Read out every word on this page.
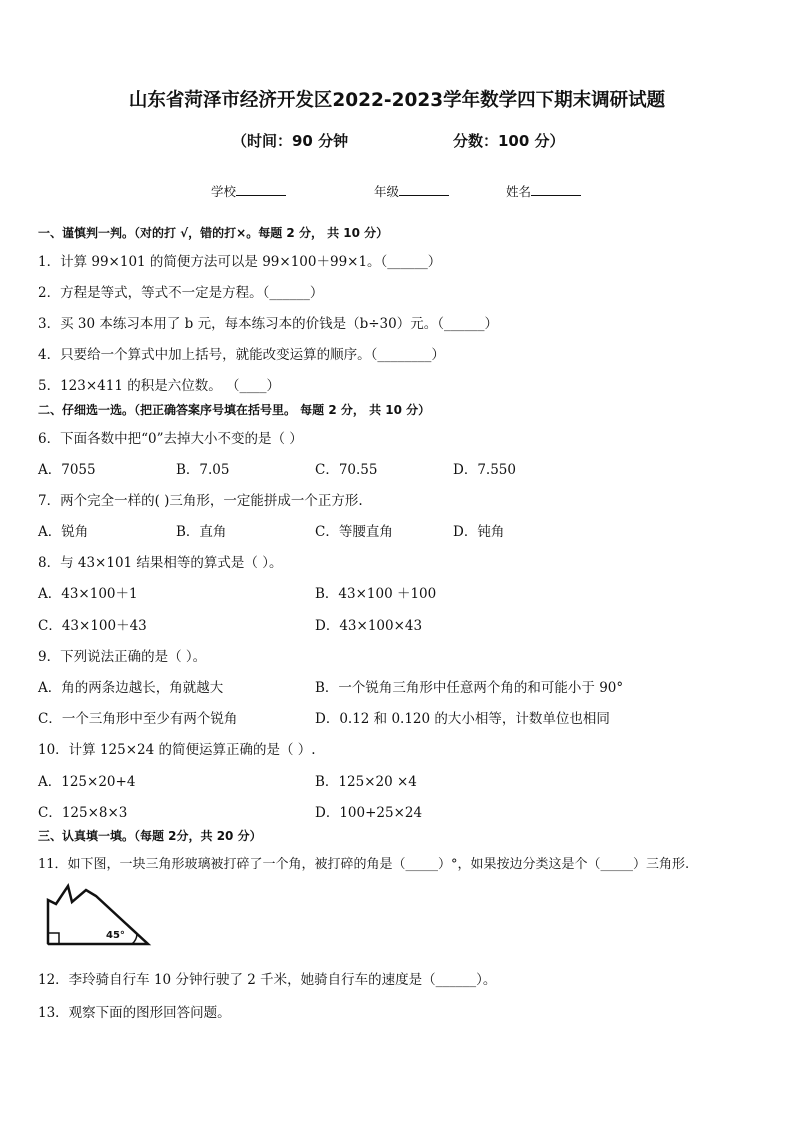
山东省菏泽市经济开发区2022-2023学年数学四下期末调研试题
（时间：90 分钟	分数：100 分）
学校	年级	姓名
一、谨慎判一判。（对的打 √，错的打×。每题 2 分， 共 10 分）
1．计算 99×101 的简便方法可以是 99×100＋99×1。（______）
2．方程是等式，等式不一定是方程。（______）
3．买 30 本练习本用了 b 元，每本练习本的价钱是（b÷30）元。（______）
4．只要给一个算式中加上括号，就能改变运算的顺序。（________）
5．123×411 的积是六位数。 （____）
二、仔细选一选。（把正确答案序号填在括号里。 每题 2 分， 共 10 分）
6．下面各数中把“0”去掉大小不变的是（ ）
A．7055	B．7.05	C．70.55	D．7.550
7．两个完全一样的( )三角形，一定能拼成一个正方形.
A．锐角	B．直角	C．等腰直角	D．钝角
8．与 43×101 结果相等的算式是（ ）。
A．43×100＋1	B．43×100 ＋100
C．43×100＋43	D．43×100×43
9．下列说法正确的是（ ）。
A．角的两条边越长，角就越大	B．一个锐角三角形中任意两个角的和可能小于 90°
C．一个三角形中至少有两个锐角	D．0.12 和 0.120 的大小相等，计数单位也相同
10．计算 125×24 的简便运算正确的是（ ）.
A．125×20+4	B．125×20 ×4
C．125×8×3	D．100+25×24
三、认真填一填。（每题 2分，共 20 分）
11．如下图，一块三角形玻璃被打碎了一个角，被打碎的角是（_____）°，如果按边分类这是个（_____）三角形.
45°
12．李玲骑自行车 10 分钟行驶了 2 千米，她骑自行车的速度是（______）。
13．观察下面的图形回答问题。
